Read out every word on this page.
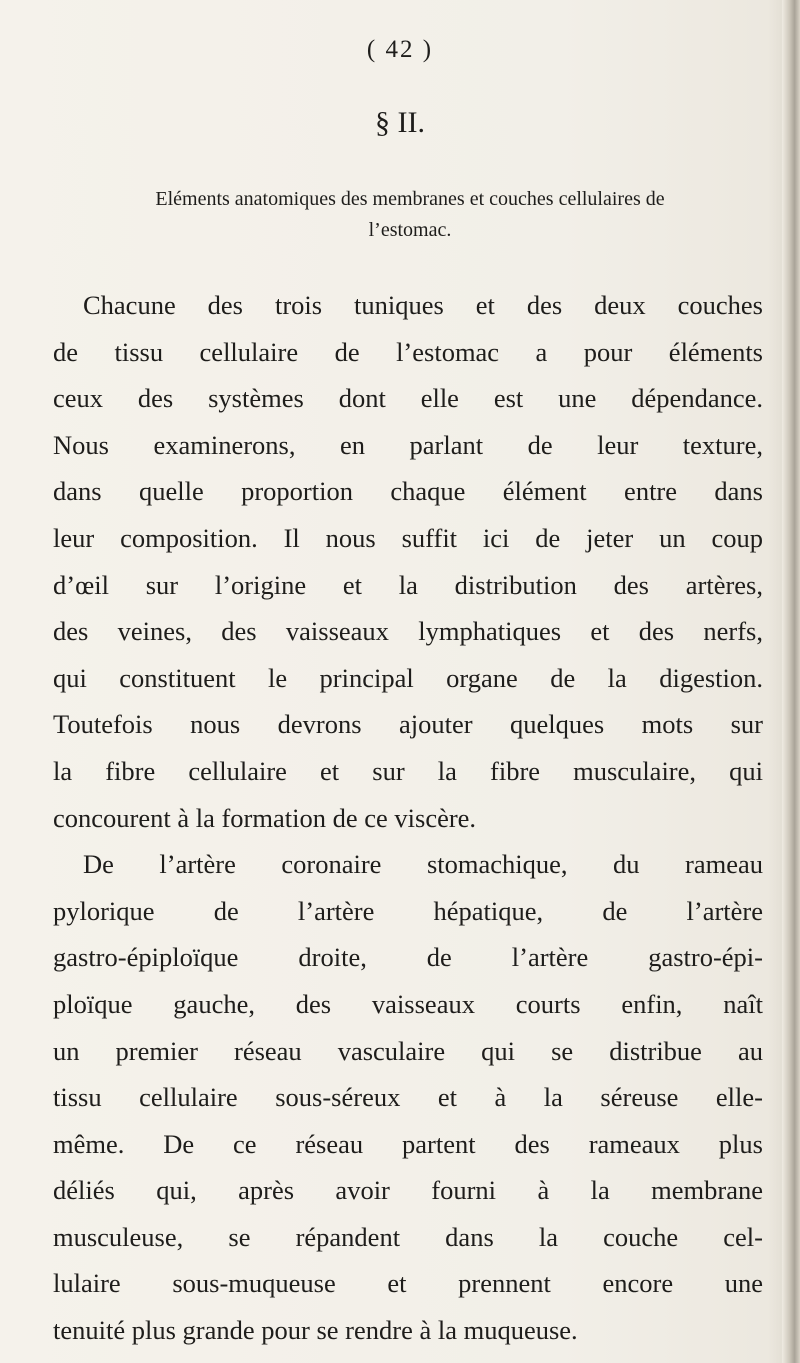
( 42 )
§ II.
Eléments anatomiques des membranes et couches cellulaires de
l’estomac.
Chacune des trois tuniques et des deux couches
de tissu cellulaire de l’estomac a pour éléments
ceux des systèmes dont elle est une dépendance.
Nous examinerons, en parlant de leur texture,
dans quelle proportion chaque élément entre dans
leur composition. Il nous suffit ici de jeter un coup
d’œil sur l’origine et la distribution des artères,
des veines, des vaisseaux lymphatiques et des nerfs,
qui constituent le principal organe de la digestion.
Toutefois nous devrons ajouter quelques mots sur
la fibre cellulaire et sur la fibre musculaire, qui
concourent à la formation de ce viscère.
De l’artère coronaire stomachique, du rameau
pylorique de l’artère hépatique, de l’artère
gastro-épiploïque droite, de l’artère gastro-épi-
ploïque gauche, des vaisseaux courts enfin, naît
un premier réseau vasculaire qui se distribue au
tissu cellulaire sous-séreux et à la séreuse elle-
même. De ce réseau partent des rameaux plus
déliés qui, après avoir fourni à la membrane
musculeuse, se répandent dans la couche cel-
lulaire sous-muqueuse et prennent encore une
tenuité plus grande pour se rendre à la muqueuse.
